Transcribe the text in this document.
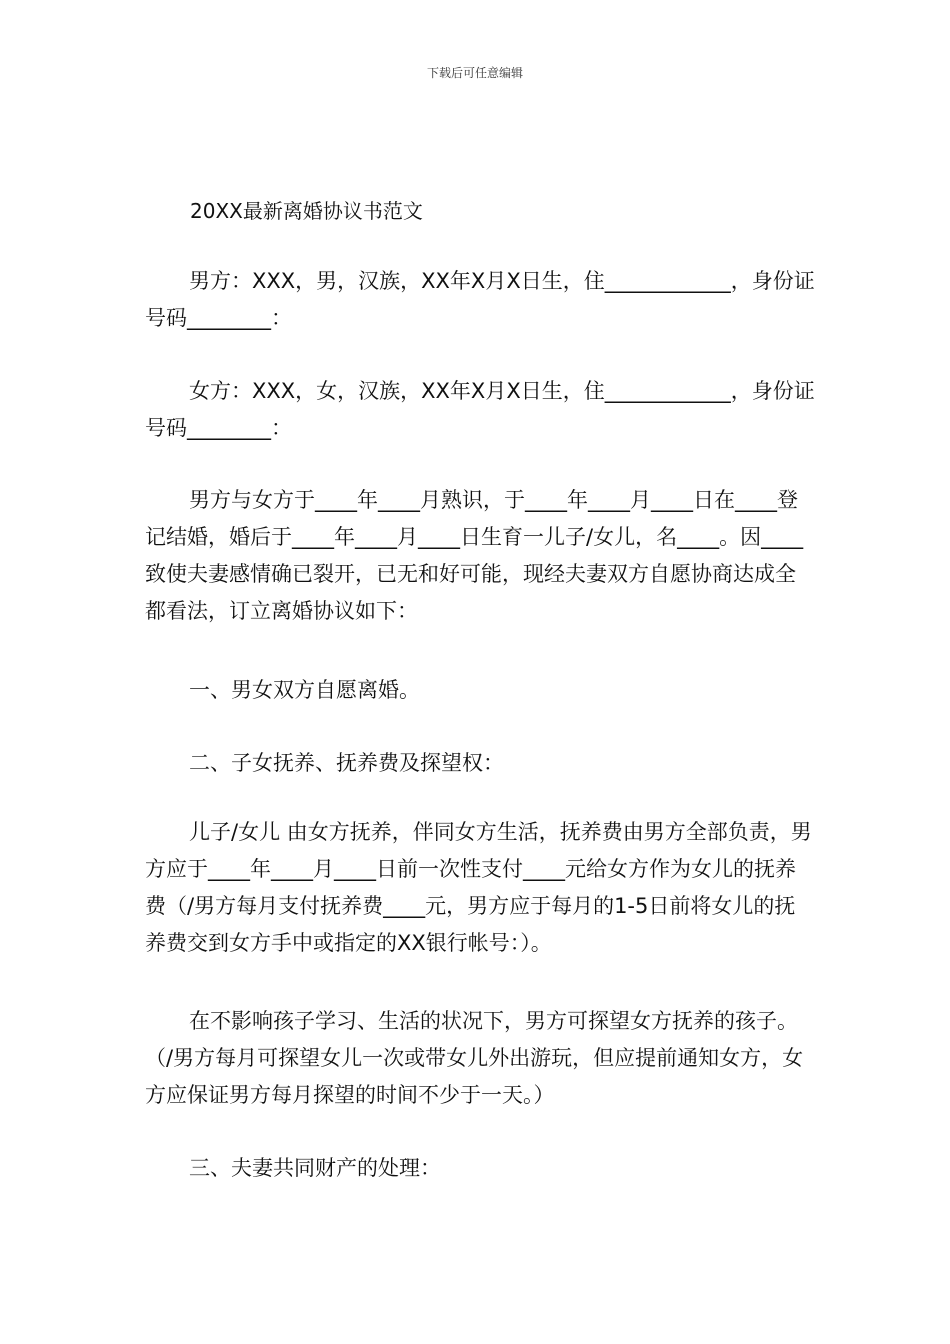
下载后可任意编辑
20XX最新离婚协议书范文

男方：XXX，男，汉族，XX年X月X日生，住____________，身份证号码________：

女方：XXX，女，汉族，XX年X月X日生，住____________，身份证号码________：

男方与女方于____年____月熟识，于____年____月____日在____登记结婚，婚后于____年____月____日生育一儿子/女儿，名____。因____致使夫妻感情确已裂开，已无和好可能，现经夫妻双方自愿协商达成全都看法，订立离婚协议如下：

一、男女双方自愿离婚。

二、子女抚养、抚养费及探望权：

儿子/女儿 由女方抚养，伴同女方生活，抚养费由男方全部负责，男方应于____年____月____日前一次性支付____元给女方作为女儿的抚养费（/男方每月支付抚养费____元，男方应于每月的1-5日前将女儿的抚养费交到女方手中或指定的XX银行帐号：）。

在不影响孩子学习、生活的状况下，男方可探望女方抚养的孩子。（/男方每月可探望女儿一次或带女儿外出游玩，但应提前通知女方，女方应保证男方每月探望的时间不少于一天。）

三、夫妻共同财产的处理：
